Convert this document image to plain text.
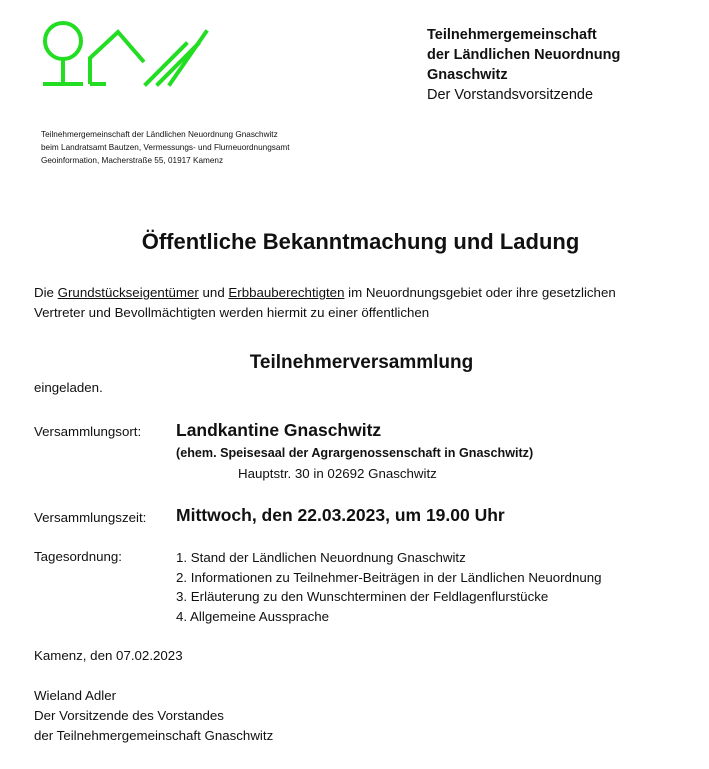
Teilnehmergemeinschaft
der Ländlichen Neuordnung
Gnaschwitz
Der Vorstandsvorsitzende
Teilnehmergemeinschaft der Ländlichen Neuordnung Gnaschwitz
beim Landratsamt Bautzen, Vermessungs- und Flurneuordnungsamt
Geoinformation, Macherstraße 55, 01917 Kamenz
Öffentliche Bekanntmachung und Ladung
Die Grundstückseigentümer und Erbbauberechtigten im Neuordnungsgebiet oder ihre gesetzlichen
Vertreter und Bevollmächtigten werden hiermit zu einer öffentlichen
Teilnehmerversammlung
eingeladen.
Versammlungsort: Landkantine Gnaschwitz
(ehem. Speisesaal der Agrargenossenschaft in Gnaschwitz)
Hauptstr. 30 in 02692 Gnaschwitz
Versammlungszeit: Mittwoch, den 22.03.2023, um 19.00 Uhr
Tagesordnung:	1. Stand der Ländlichen Neuordnung Gnaschwitz
2. Informationen zu Teilnehmer-Beiträgen in der Ländlichen Neuordnung
3. Erläuterung zu den Wunschterminen der Feldlagenflurstücke
4. Allgemeine Aussprache
Kamenz, den 07.02.2023
Wieland Adler
Der Vorsitzende des Vorstandes
der Teilnehmergemeinschaft Gnaschwitz
